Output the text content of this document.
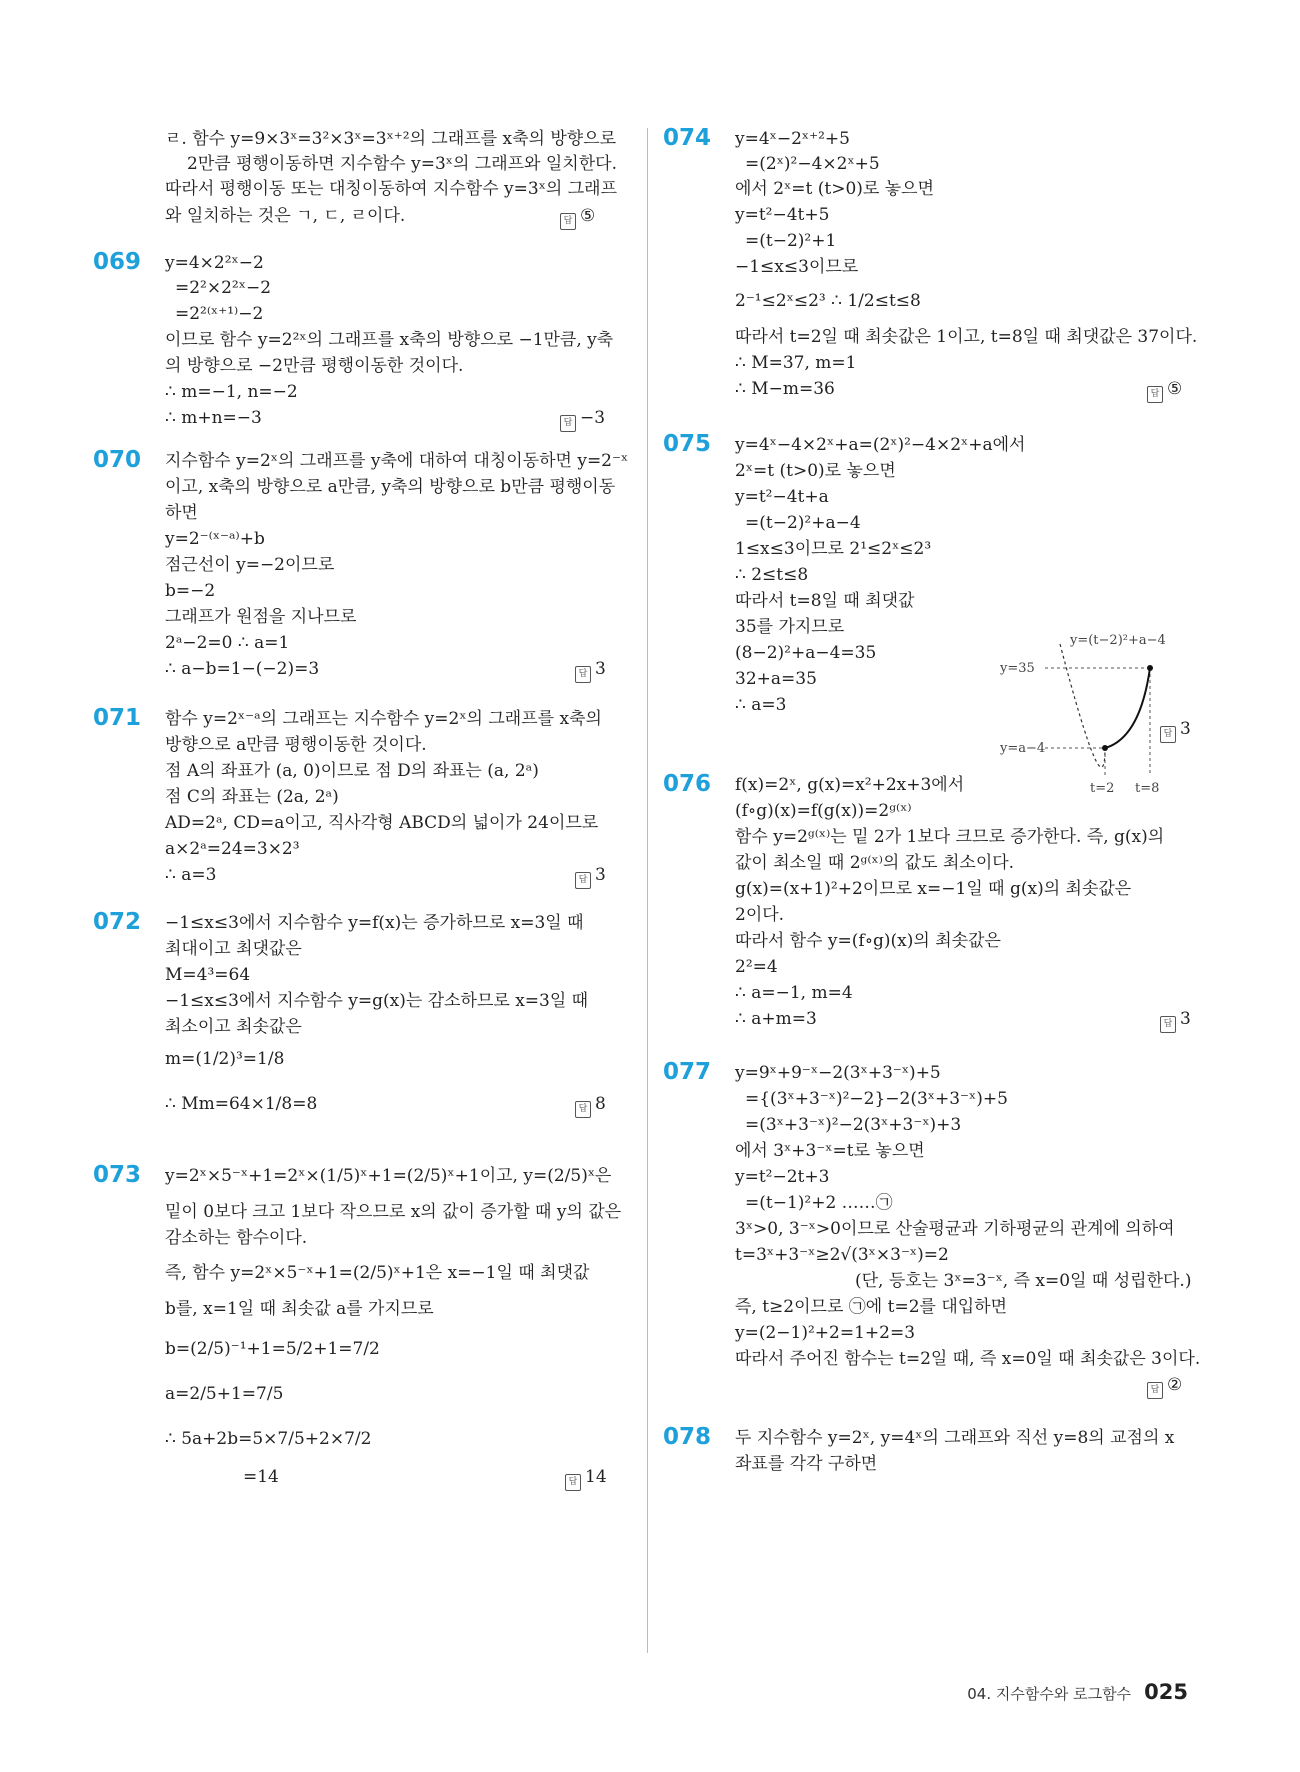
ㄹ. 함수 y=9×3ˣ=3²×3ˣ=3ˣ⁺²의 그래프를 x축의 방향으로
2만큼 평행이동하면 지수함수 y=3ˣ의 그래프와 일치한다.
따라서 평행이동 또는 대칭이동하여 지수함수 y=3ˣ의 그래프
와 일치하는 것은 ㄱ, ㄷ, ㄹ이다.	답 ⑤
069 y=4×2²ˣ−2
=2²×2²ˣ−2
=2²⁽ˣ⁺¹⁾−2
이므로 함수 y=2²ˣ의 그래프를 x축의 방향으로 −1만큼, y축
의 방향으로 −2만큼 평행이동한 것이다.
∴ m=−1, n=−2
∴ m+n=−3	답 −3
070 지수함수 y=2ˣ의 그래프를 y축에 대하여 대칭이동하면 y=2⁻ˣ
이고, x축의 방향으로 a만큼, y축의 방향으로 b만큼 평행이동
하면
y=2⁻⁽ˣ⁻ᵃ⁾+b
점근선이 y=−2이므로
b=−2
그래프가 원점을 지나므로
2ᵃ−2=0 ∴ a=1
∴ a−b=1−(−2)=3	답 3
071 함수 y=2ˣ⁻ᵃ의 그래프는 지수함수 y=2ˣ의 그래프를 x축의
방향으로 a만큼 평행이동한 것이다.
점 A의 좌표가 (a, 0)이므로 점 D의 좌표는 (a, 2ᵃ)
점 C의 좌표는 (2a, 2ᵃ)
AD=2ᵃ, CD=a이고, 직사각형 ABCD의 넓이가 24이므로
a×2ᵃ=24=3×2³
∴ a=3	답 3
072 −1≤x≤3에서 지수함수 y=f(x)는 증가하므로 x=3일 때
최대이고 최댓값은
M=4³=64
−1≤x≤3에서 지수함수 y=g(x)는 감소하므로 x=3일 때
최소이고 최솟값은
m=(1/2)³=1/8
∴ Mm=64×1/8=8	답 8
073 y=2ˣ×5⁻ˣ+1=2ˣ×(1/5)ˣ+1=(2/5)ˣ+1이고, y=(2/5)ˣ은
밑이 0보다 크고 1보다 작으므로 x의 값이 증가할 때 y의 값은
감소하는 함수이다.
즉, 함수 y=2ˣ×5⁻ˣ+1=(2/5)ˣ+1은 x=−1일 때 최댓값
b를, x=1일 때 최솟값 a를 가지므로
b=(2/5)⁻¹+1=5/2+1=7/2
a=2/5+1=7/5
∴ 5a+2b=5×7/5+2×7/2
=14	답 14
074 y=4ˣ−2ˣ⁺²+5
=(2ˣ)²−4×2ˣ+5
에서 2ˣ=t (t>0)로 놓으면
y=t²−4t+5
=(t−2)²+1
−1≤x≤3이므로
2⁻¹≤2ˣ≤2³ ∴ 1/2≤t≤8
따라서 t=2일 때 최솟값은 1이고, t=8일 때 최댓값은 37이다.
∴ M=37, m=1
∴ M−m=36	답 ⑤
075 y=4ˣ−4×2ˣ+a=(2ˣ)²−4×2ˣ+a에서
2ˣ=t (t>0)로 놓으면
y=t²−4t+a
=(t−2)²+a−4
1≤x≤3이므로 2¹≤2ˣ≤2³
∴ 2≤t≤8
따라서 t=8일 때 최댓값
35를 가지므로
(8−2)²+a−4=35
32+a=35
∴ a=3
답 3
076 f(x)=2ˣ, g(x)=x²+2x+3에서
(f∘g)(x)=f(g(x))=2ᵍ⁽ˣ⁾
함수 y=2ᵍ⁽ˣ⁾는 밑 2가 1보다 크므로 증가한다. 즉, g(x)의
값이 최소일 때 2ᵍ⁽ˣ⁾의 값도 최소이다.
g(x)=(x+1)²+2이므로 x=−1일 때 g(x)의 최솟값은
2이다.
따라서 함수 y=(f∘g)(x)의 최솟값은
2²=4
∴ a=−1, m=4
∴ a+m=3	답 3
077 y=9ˣ+9⁻ˣ−2(3ˣ+3⁻ˣ)+5
={(3ˣ+3⁻ˣ)²−2}−2(3ˣ+3⁻ˣ)+5
=(3ˣ+3⁻ˣ)²−2(3ˣ+3⁻ˣ)+3
에서 3ˣ+3⁻ˣ=t로 놓으면
y=t²−2t+3
=(t−1)²+2 ……㉠
3ˣ>0, 3⁻ˣ>0이므로 산술평균과 기하평균의 관계에 의하여
t=3ˣ+3⁻ˣ≥2√(3ˣ×3⁻ˣ)=2
(단, 등호는 3ˣ=3⁻ˣ, 즉 x=0일 때 성립한다.)
즉, t≥2이므로 ㉠에 t=2를 대입하면
y=(2−1)²+2=1+2=3
따라서 주어진 함수는 t=2일 때, 즉 x=0일 때 최솟값은 3이다.
답 ②
078 두 지수함수 y=2ˣ, y=4ˣ의 그래프와 직선 y=8의 교점의 x
좌표를 각각 구하면
y=(t−2)²+a−4
y=35
y=a−4
t=2 t=8
04. 지수함수와 로그함수 025
